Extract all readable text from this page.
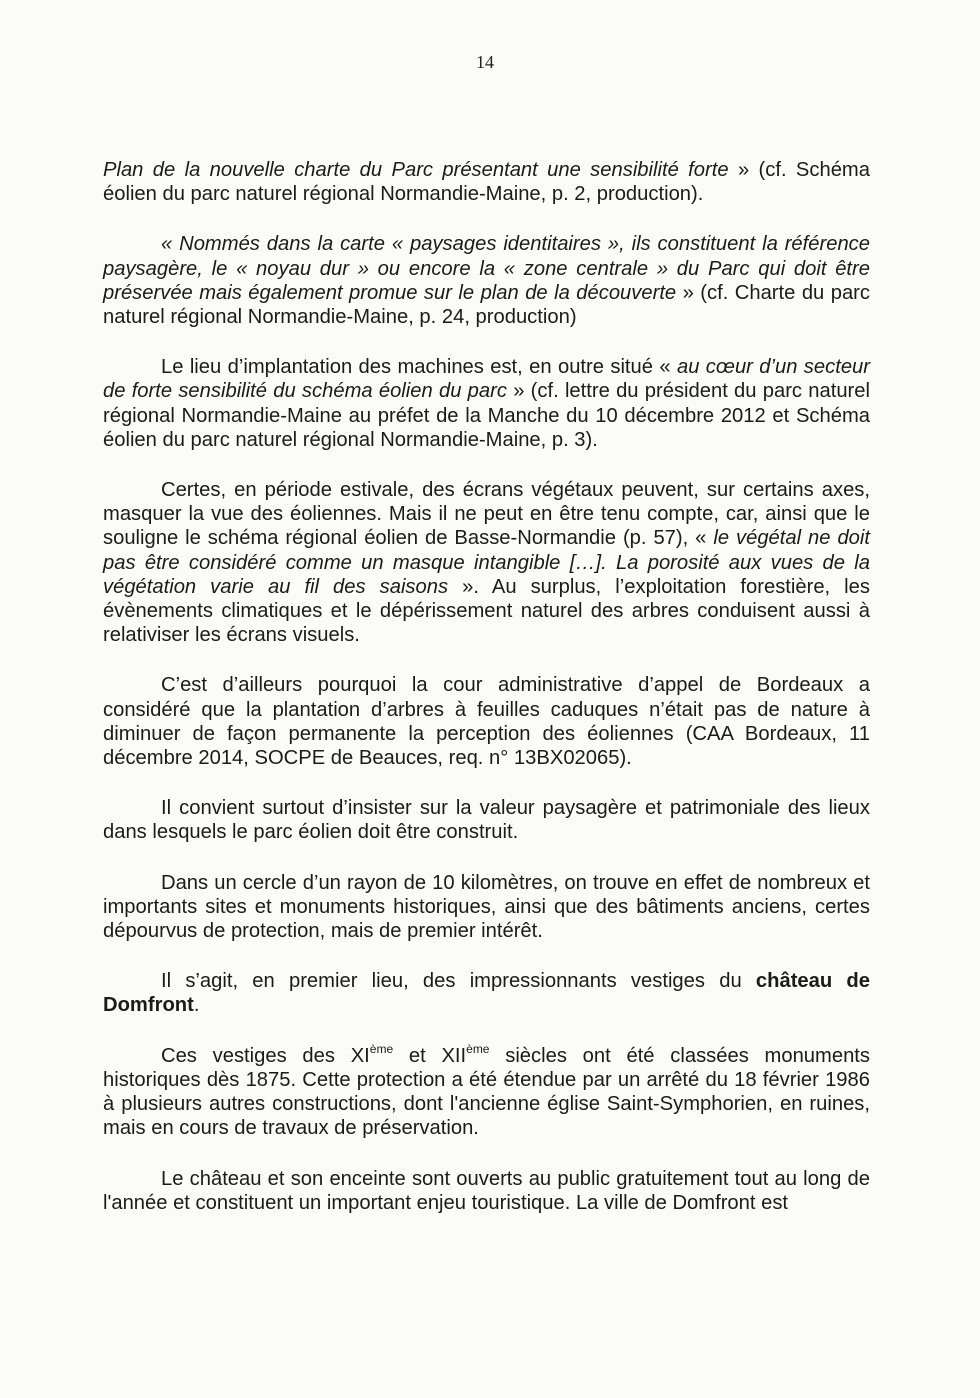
14

Plan de la nouvelle charte du Parc présentant une sensibilité forte » (cf. Schéma éolien du parc naturel régional Normandie-Maine, p. 2, production).

« Nommés dans la carte « paysages identitaires », ils constituent la référence paysagère, le « noyau dur » ou encore la « zone centrale » du Parc qui doit être préservée mais également promue sur le plan de la découverte » (cf. Charte du parc naturel régional Normandie-Maine, p. 24, production)

Le lieu d’implantation des machines est, en outre situé « au cœur d’un secteur de forte sensibilité du schéma éolien du parc » (cf. lettre du président du parc naturel régional Normandie-Maine au préfet de la Manche du 10 décembre 2012 et Schéma éolien du parc naturel régional Normandie-Maine, p. 3).

Certes, en période estivale, des écrans végétaux peuvent, sur certains axes, masquer la vue des éoliennes. Mais il ne peut en être tenu compte, car, ainsi que le souligne le schéma régional éolien de Basse-Normandie (p. 57), « le végétal ne doit pas être considéré comme un masque intangible […]. La porosité aux vues de la végétation varie au fil des saisons ». Au surplus, l’exploitation forestière, les évènements climatiques et le dépérissement naturel des arbres conduisent aussi à relativiser les écrans visuels.

C’est d’ailleurs pourquoi la cour administrative d’appel de Bordeaux a considéré que la plantation d’arbres à feuilles caduques n’était pas de nature à diminuer de façon permanente la perception des éoliennes (CAA Bordeaux, 11 décembre 2014, SOCPE de Beauces, req. n° 13BX02065).

Il convient surtout d’insister sur la valeur paysagère et patrimoniale des lieux dans lesquels le parc éolien doit être construit.

Dans un cercle d’un rayon de 10 kilomètres, on trouve en effet de nombreux et importants sites et monuments historiques, ainsi que des bâtiments anciens, certes dépourvus de protection, mais de premier intérêt.

Il s’agit, en premier lieu, des impressionnants vestiges du château de Domfront.

Ces vestiges des XIème et XIIème siècles ont été classées monuments historiques dès 1875. Cette protection a été étendue par un arrêté du 18 février 1986 à plusieurs autres constructions, dont l'ancienne église Saint-Symphorien, en ruines, mais en cours de travaux de préservation.

Le château et son enceinte sont ouverts au public gratuitement tout au long de l'année et constituent un important enjeu touristique. La ville de Domfront est
